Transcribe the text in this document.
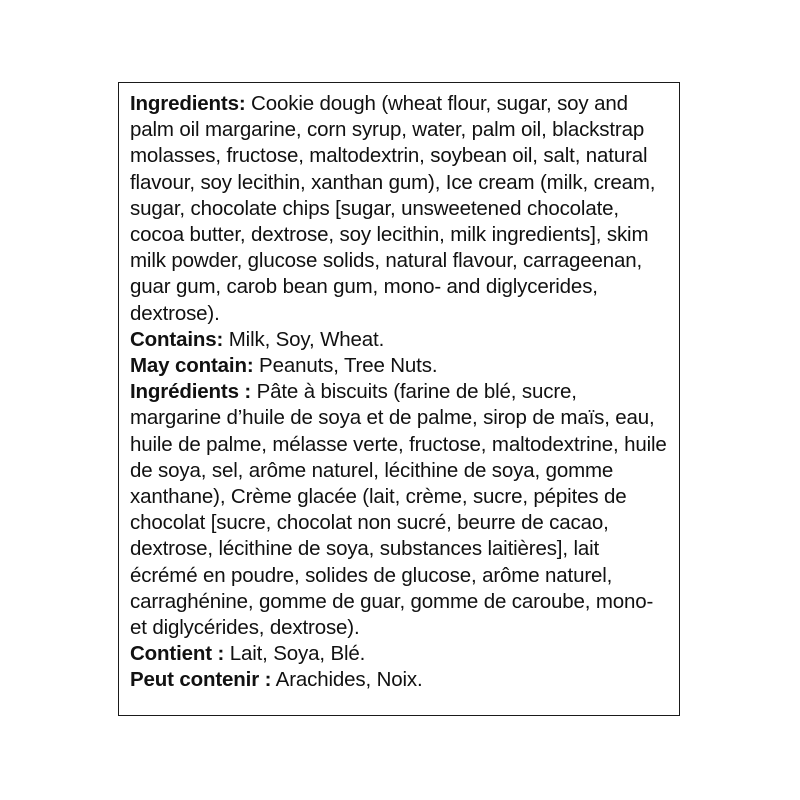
Ingredients: Cookie dough (wheat flour, sugar, soy and palm oil margarine, corn syrup, water, palm oil, blackstrap molasses, fructose, maltodextrin, soybean oil, salt, natural flavour, soy lecithin, xanthan gum), Ice cream (milk, cream, sugar, chocolate chips [sugar, unsweetened chocolate, cocoa butter, dextrose, soy lecithin, milk ingredients], skim milk powder, glucose solids, natural flavour, carrageenan, guar gum, carob bean gum, mono- and diglycerides, dextrose).

Contains: Milk, Soy, Wheat.

May contain: Peanuts, Tree Nuts.

Ingrédients : Pâte à biscuits (farine de blé, sucre, margarine d’huile de soya et de palme, sirop de maïs, eau, huile de palme, mélasse verte, fructose, maltodextrine, huile de soya, sel, arôme naturel, lécithine de soya, gomme xanthane), Crème glacée (lait, crème, sucre, pépites de chocolat [sucre, chocolat non sucré, beurre de cacao, dextrose, lécithine de soya, substances laitières], lait écrémé en poudre, solides de glucose, arôme naturel, carraghénine, gomme de guar, gomme de caroube, mono- et diglycérides, dextrose).

Contient : Lait, Soya, Blé.

Peut contenir : Arachides, Noix.
